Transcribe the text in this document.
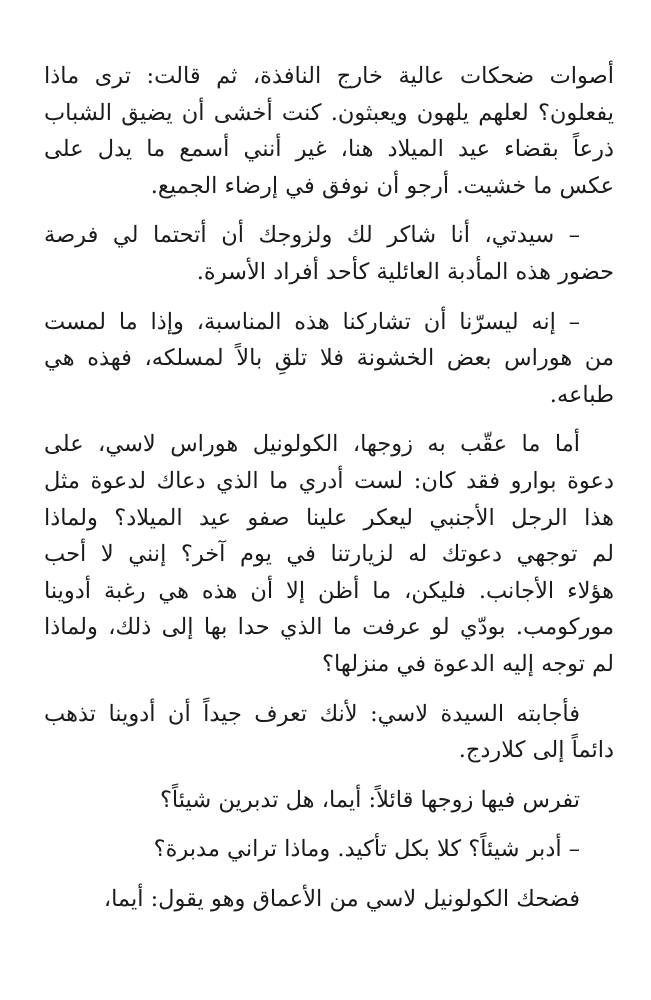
أصوات ضحكات عالية خارج النافذة، ثم قالت: ترى ماذا
يفعلون؟ لعلهم يلهون ويعبثون. كنت أخشى أن يضيق الشباب
ذرعاً بقضاء عيد الميلاد هنا، غير أنني أسمع ما يدل على
عكس ما خشيت. أرجو أن نوفق في إرضاء الجميع.
– سيدتي، أنا شاكر لك ولزوجك أن أتحتما لي فرصة
حضور هذه المأدبة العائلية كأحد أفراد الأسرة.
– إنه ليسرّنا أن تشاركنا هذه المناسبة، وإذا ما لمست
من هوراس بعض الخشونة فلا تلقِ بالاً لمسلكه، فهذه هي
طباعه.
أما ما عقّب به زوجها، الكولونيل هوراس لاسي، على
دعوة بوارو فقد كان: لست أدري ما الذي دعاك لدعوة مثل
هذا الرجل الأجنبي ليعكر علينا صفو عيد الميلاد؟ ولماذا
لم توجهي دعوتك له لزيارتنا في يوم آخر؟ إنني لا أحب
هؤلاء الأجانب. فليكن، ما أظن إلا أن هذه هي رغبة أدوينا
موركومب. بودّي لو عرفت ما الذي حدا بها إلى ذلك، ولماذا
لم توجه إليه الدعوة في منزلها؟
فأجابته السيدة لاسي: لأنك تعرف جيداً أن أدوينا تذهب
دائماً إلى كلاردج.
تفرس فيها زوجها قائلاً: أيما، هل تدبرين شيئاً؟
– أدبر شيئاً؟ كلا بكل تأكيد. وماذا تراني مدبرة؟
فضحك الكولونيل لاسي من الأعماق وهو يقول: أيما،
